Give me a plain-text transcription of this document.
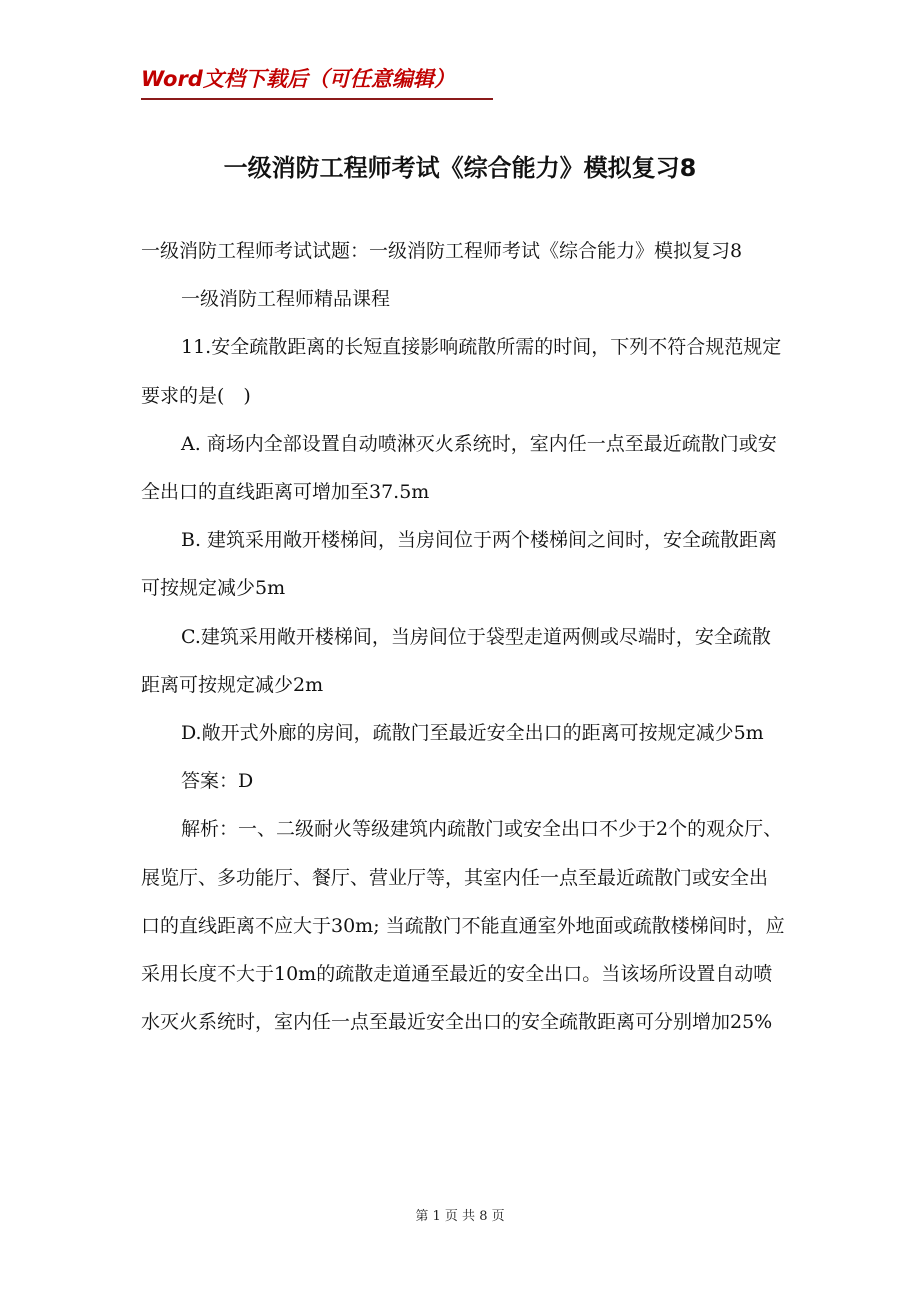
Word文档下载后（可任意编辑）
一级消防工程师考试《综合能力》模拟复习8

一级消防工程师考试试题：一级消防工程师考试《综合能力》模拟复习8

一级消防工程师精品课程

11.安全疏散距离的长短直接影响疏散所需的时间，下列不符合规范规定要求的是(　)

A. 商场内全部设置自动喷淋灭火系统时，室内任一点至最近疏散门或安全出口的直线距离可增加至37.5m

B. 建筑采用敞开楼梯间，当房间位于两个楼梯间之间时，安全疏散距离可按规定减少5m

C.建筑采用敞开楼梯间，当房间位于袋型走道两侧或尽端时，安全疏散距离可按规定减少2m

D.敞开式外廊的房间，疏散门至最近安全出口的距离可按规定减少5m

答案：D

解析：一、二级耐火等级建筑内疏散门或安全出口不少于2个的观众厅、展览厅、多功能厅、餐厅、营业厅等，其室内任一点至最近疏散门或安全出口的直线距离不应大于30m; 当疏散门不能直通室外地面或疏散楼梯间时，应采用长度不大于10m的疏散走道通至最近的安全出口。当该场所设置自动喷水灭火系统时，室内任一点至最近安全出口的安全疏散距离可分别增加25%

第 1 页 共 8 页
